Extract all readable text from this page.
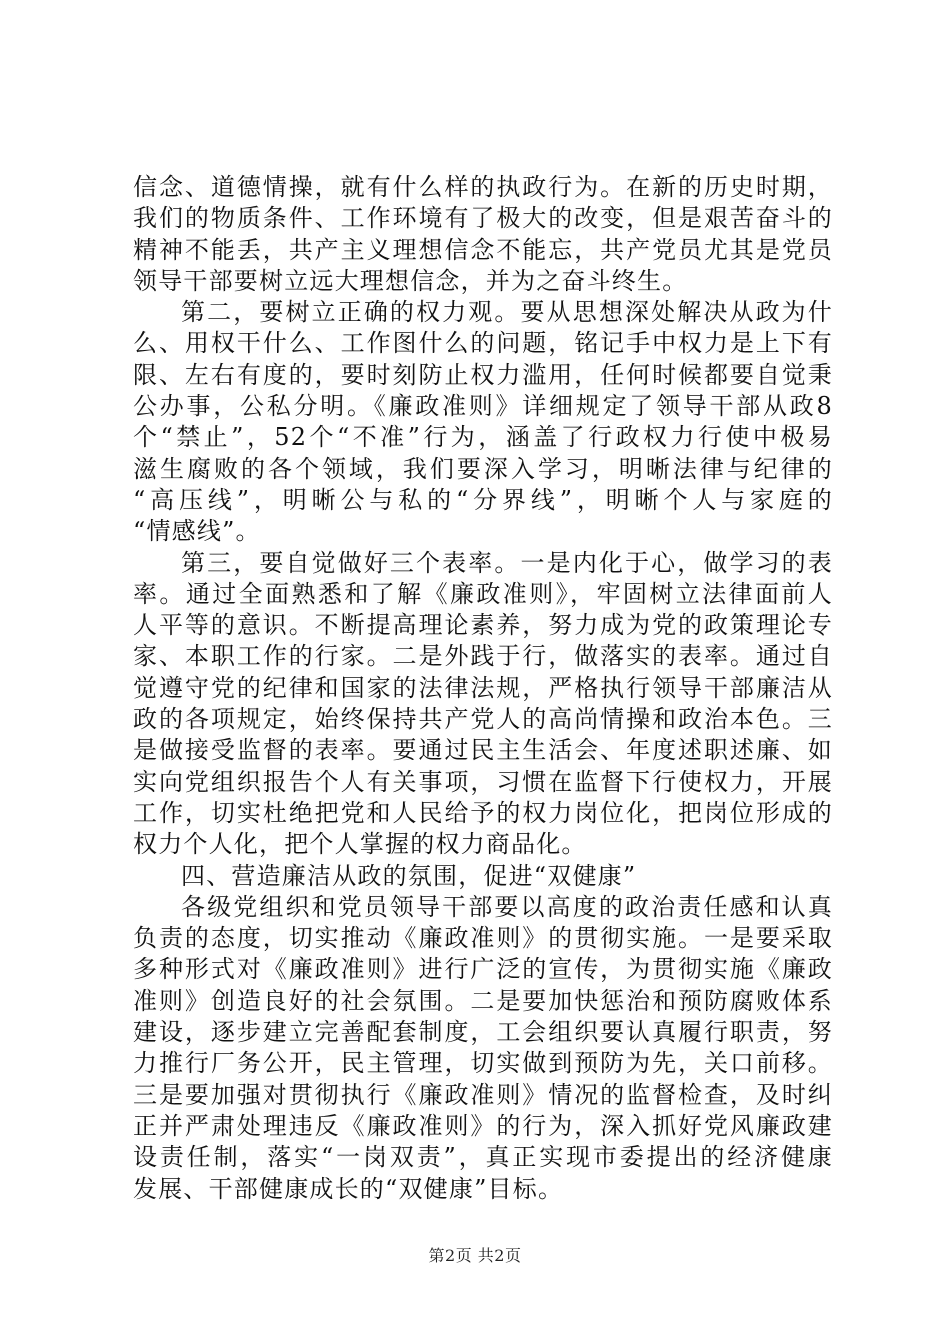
信念、道德情操，就有什么样的执政行为。在新的历史时期，
我们的物质条件、工作环境有了极大的改变，但是艰苦奋斗的
精神不能丢，共产主义理想信念不能忘，共产党员尤其是党员
领导干部要树立远大理想信念，并为之奋斗终生。

第二，要树立正确的权力观。要从思想深处解决从政为什
么、用权干什么、工作图什么的问题，铭记手中权力是上下有
限、左右有度的，要时刻防止权力滥用，任何时候都要自觉秉
公办事，公私分明。《廉政准则》详细规定了领导干部从政8
个“禁止”，52个“不准”行为，涵盖了行政权力行使中极易
滋生腐败的各个领域，我们要深入学习，明晰法律与纪律的
“高压线”，明晰公与私的“分界线”，明晰个人与家庭的
“情感线”。

第三，要自觉做好三个表率。一是内化于心，做学习的表
率。通过全面熟悉和了解《廉政准则》，牢固树立法律面前人
人平等的意识。不断提高理论素养，努力成为党的政策理论专
家、本职工作的行家。二是外践于行，做落实的表率。通过自
觉遵守党的纪律和国家的法律法规，严格执行领导干部廉洁从
政的各项规定，始终保持共产党人的高尚情操和政治本色。三
是做接受监督的表率。要通过民主生活会、年度述职述廉、如
实向党组织报告个人有关事项，习惯在监督下行使权力，开展
工作，切实杜绝把党和人民给予的权力岗位化，把岗位形成的
权力个人化，把个人掌握的权力商品化。

四、营造廉洁从政的氛围，促进“双健康”

各级党组织和党员领导干部要以高度的政治责任感和认真
负责的态度，切实推动《廉政准则》的贯彻实施。一是要采取
多种形式对《廉政准则》进行广泛的宣传，为贯彻实施《廉政
准则》创造良好的社会氛围。二是要加快惩治和预防腐败体系
建设，逐步建立完善配套制度，工会组织要认真履行职责，努
力推行厂务公开，民主管理，切实做到预防为先，关口前移。
三是要加强对贯彻执行《廉政准则》情况的监督检查，及时纠
正并严肃处理违反《廉政准则》的行为，深入抓好党风廉政建
设责任制，落实“一岗双责”，真正实现市委提出的经济健康
发展、干部健康成长的“双健康”目标。

第2页 共2页
